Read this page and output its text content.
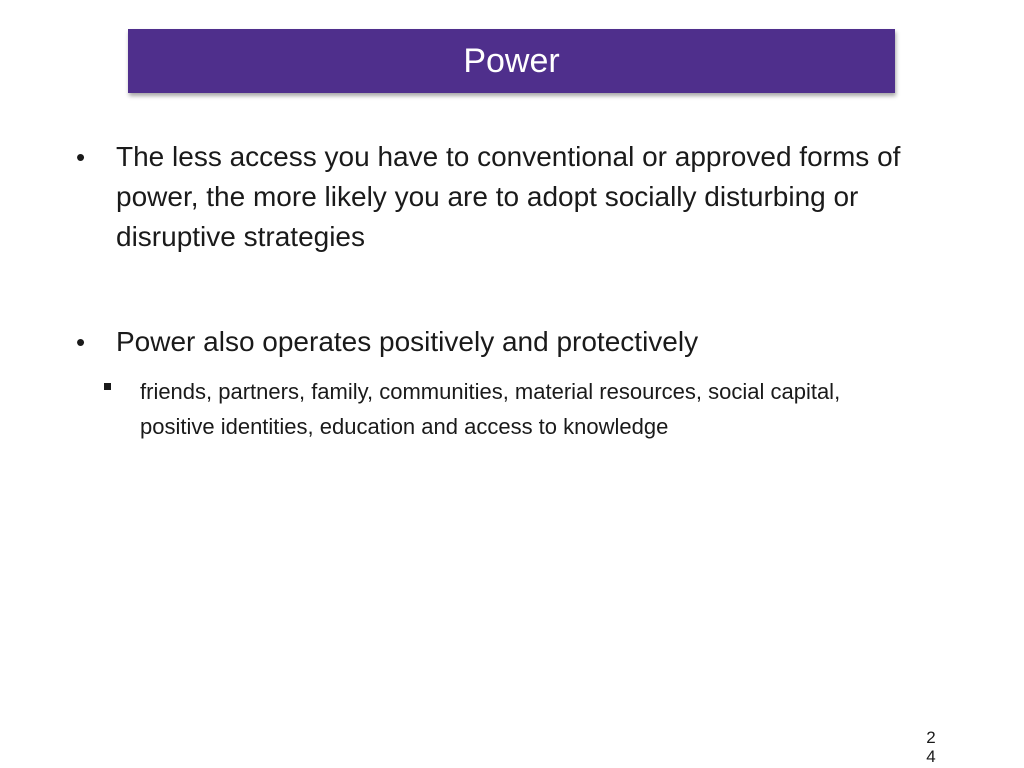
Power
•	The less access you have to conventional or approved forms of power, the more likely you are to adopt socially disturbing or disruptive strategies
•	Power also operates positively and protectively
friends, partners, family, communities, material resources, social capital, positive identities, education and access to knowledge
24
